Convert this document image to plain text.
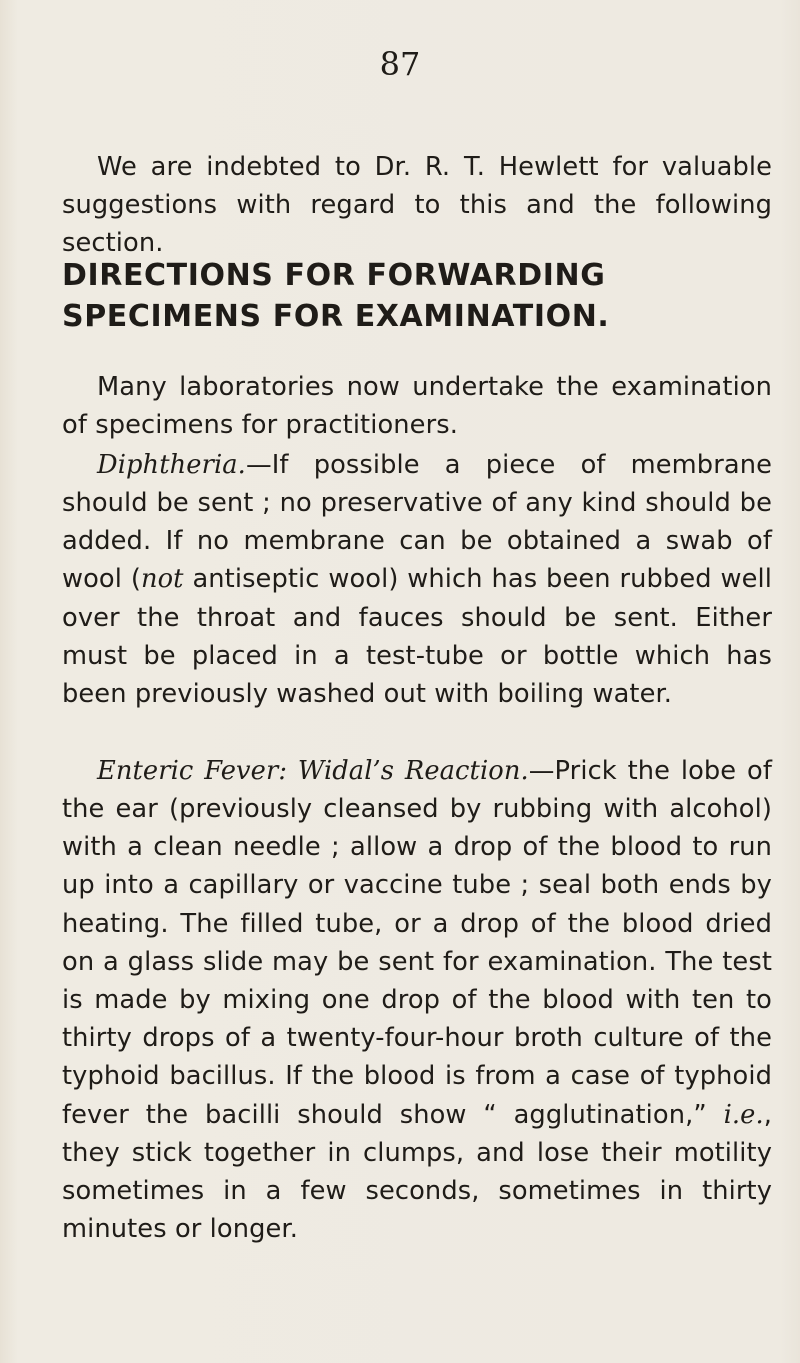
87

We are indebted to Dr. R. T. Hewlett for valuable suggestions with regard to this and the following section.

DIRECTIONS FOR FORWARDING
SPECIMENS FOR EXAMINATION.

Many laboratories now undertake the examination of specimens for practitioners.

Diphtheria.—If possible a piece of membrane should be sent ; no preservative of any kind should be added. If no membrane can be obtained a swab of wool (not antiseptic wool) which has been rubbed well over the throat and fauces should be sent. Either must be placed in a test-tube or bottle which has been previously washed out with boiling water.

Enteric Fever: Widal’s Reaction.—Prick the lobe of the ear (previously cleansed by rubbing with alcohol) with a clean needle ; allow a drop of the blood to run up into a capillary or vaccine tube ; seal both ends by heating. The filled tube, or a drop of the blood dried on a glass slide may be sent for examination. The test is made by mixing one drop of the blood with ten to thirty drops of a twenty-four-hour broth culture of the typhoid bacillus. If the blood is from a case of typhoid fever the bacilli should show “ agglutination,” i.e., they stick together in clumps, and lose their motility sometimes in a few seconds, sometimes in thirty minutes or longer.
